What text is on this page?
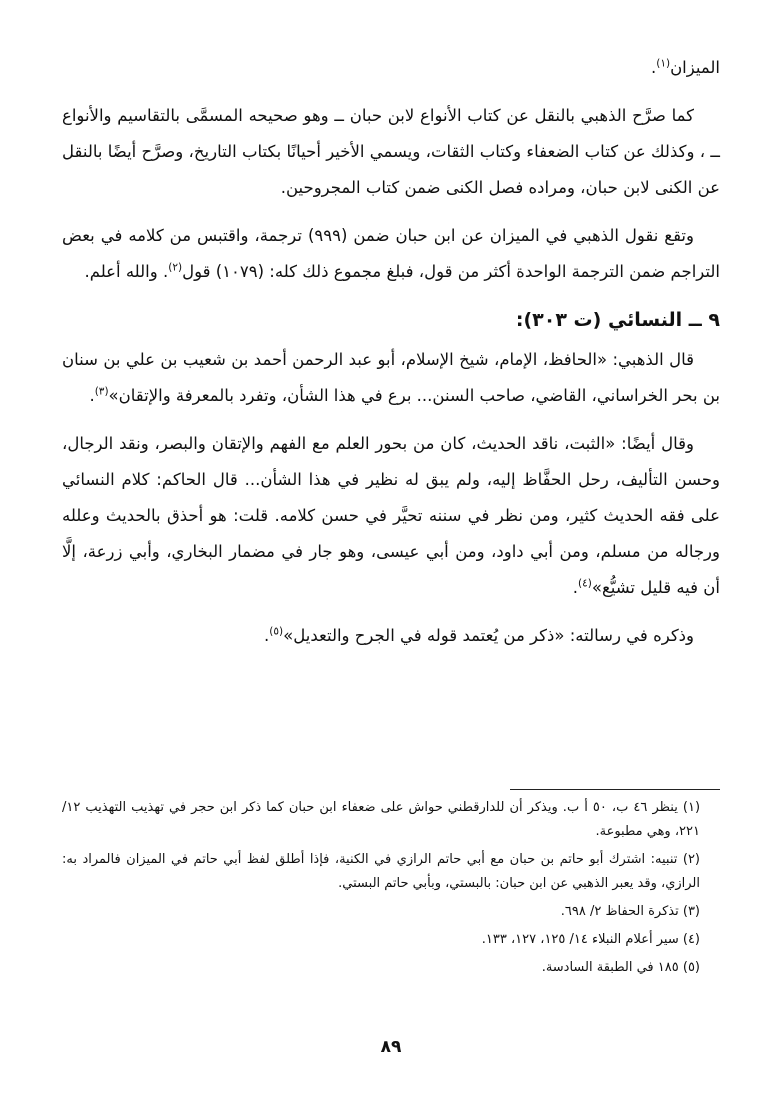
الميزان$^{(١)}$.

كما صرَّح الذهبي بالنقل عن كتاب الأنواع لابن حبان ــ وهو صحيحه المسمَّى بالتقاسيم والأنواع ــ ، وكذلك عن كتاب الضعفاء وكتاب الثقات، ويسمي الأخير أحيانًا بكتاب التاريخ، وصرَّح أيضًا بالنقل عن الكنى لابن حبان، ومراده فصل الكنى ضمن كتاب المجروحين.

وتقع نقول الذهبي في الميزان عن ابن حبان ضمن (٩٩٩) ترجمة، واقتبس من كلامه في بعض التراجم ضمن الترجمة الواحدة أكثر من قول، فبلغ مجموع ذلك كله: (١٠٧٩) قول$^{(٢)}$. والله أعلم.

٩ ــ النسائي (ت ٣٠٣):

قال الذهبي: «الحافظ، الإمام، شيخ الإسلام، أبو عبد الرحمن أحمد بن شعيب بن علي بن سنان بن بحر الخراساني، القاضي، صاحب السنن... برع في هذا الشأن، وتفرد بالمعرفة والإتقان»$^{(٣)}$.

وقال أيضًا: «الثبت، ناقد الحديث، كان من بحور العلم مع الفهم والإتقان والبصر، ونقد الرجال، وحسن التأليف، رحل الحفَّاظ إليه، ولم يبق له نظير في هذا الشأن... قال الحاكم: كلام النسائي على فقه الحديث كثير، ومن نظر في سننه تحيَّر في حسن كلامه. قلت: هو أحذق بالحديث وعلله ورجاله من مسلم، ومن أبي داود، ومن أبي عيسى، وهو جار في مضمار البخاري، وأبي زرعة، إلَّا أن فيه قليل تشيُّع»$^{(٤)}$.

وذكره في رسالته: «ذكر من يُعتمد قوله في الجرح والتعديل»$^{(٥)}$.

(١) ينظر ٤٦ ب، ٥٠ أ ب. ويذكر أن للدارقطني حواش على ضعفاء ابن حبان كما ذكر ابن حجر في تهذيب التهذيب ١٢/ ٢٢١، وهي مطبوعة.

(٢) تنبيه: اشترك أبو حاتم بن حبان مع أبي حاتم الرازي في الكنية، فإذا أطلق لفظ أبي حاتم في الميزان فالمراد به: الرازي، وقد يعبر الذهبي عن ابن حبان: بالبستي، وبأبي حاتم البستي.

(٣) تذكرة الحفاظ ٢/ ٦٩٨.

(٤) سير أعلام النبلاء ١٤/ ١٢٥، ١٢٧، ١٣٣.

(٥) ١٨٥ في الطبقة السادسة.

٨٩
